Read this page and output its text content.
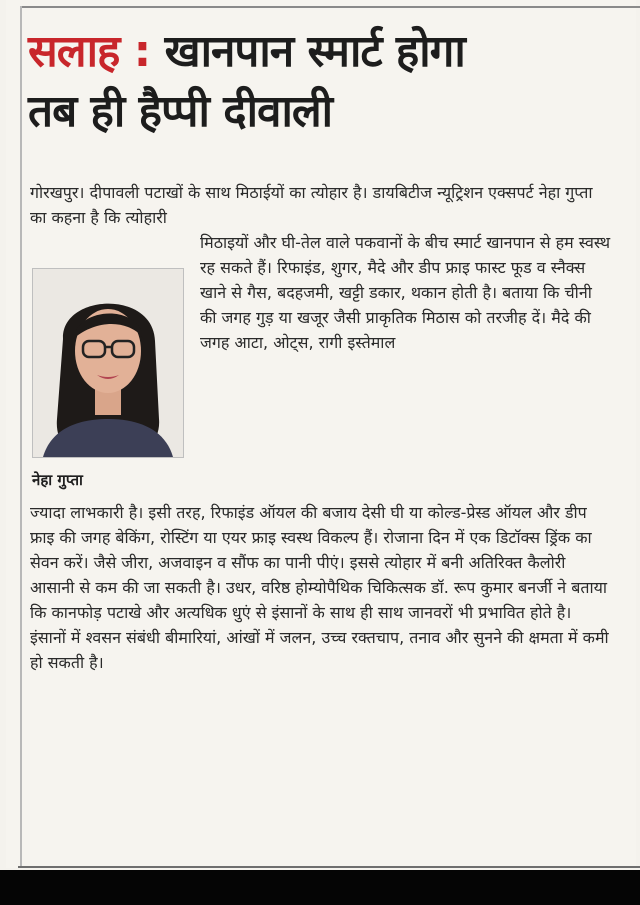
सलाह : खानपान स्मार्ट होगा
तब ही हैप्पी दीवाली

गोरखपुर। दीपावली पटाखों के साथ मिठाईयों का त्योहार है। डायबिटीज न्यूट्रिशन एक्सपर्ट नेहा गुप्ता का कहना है कि त्योहारी

मिठाइयों और घी-तेल वाले पकवानों के बीच स्मार्ट खानपान से हम स्वस्थ रह सकते हैं। रिफाइंड, शुगर, मैदे और डीप फ्राइ फास्ट फूड व स्नैक्स खाने से गैस, बदहजमी, खट्टी डकार, थकान होती है। बताया कि चीनी की जगह गुड़ या खजूर जैसी प्राकृतिक मिठास को तरजीह दें। मैदे की जगह आटा, ओट्स, रागी इस्तेमाल

नेहा गुप्ता

ज्यादा लाभकारी है। इसी तरह, रिफाइंड ऑयल की बजाय देसी घी या कोल्ड-प्रेस्ड ऑयल और डीप फ्राइ की जगह बेकिंग, रोस्टिंग या एयर फ्राइ स्वस्थ विकल्प हैं। रोजाना दिन में एक डिटॉक्स ड्रिंक का सेवन करें। जैसे जीरा, अजवाइन व सौंफ का पानी पीएं। इससे त्योहार में बनी अतिरिक्त कैलोरी आसानी से कम की जा सकती है। उधर, वरिष्ठ होम्योपैथिक चिकित्सक डॉ. रूप कुमार बनर्जी ने बताया कि कानफोड़ पटाखे और अत्यधिक धुएं से इंसानों के साथ ही साथ जानवरों भी प्रभावित होते है। इंसानों में श्वसन संबंधी बीमारियां, आंखों में जलन, उच्च रक्तचाप, तनाव और सुनने की क्षमता में कमी हो सकती है।
